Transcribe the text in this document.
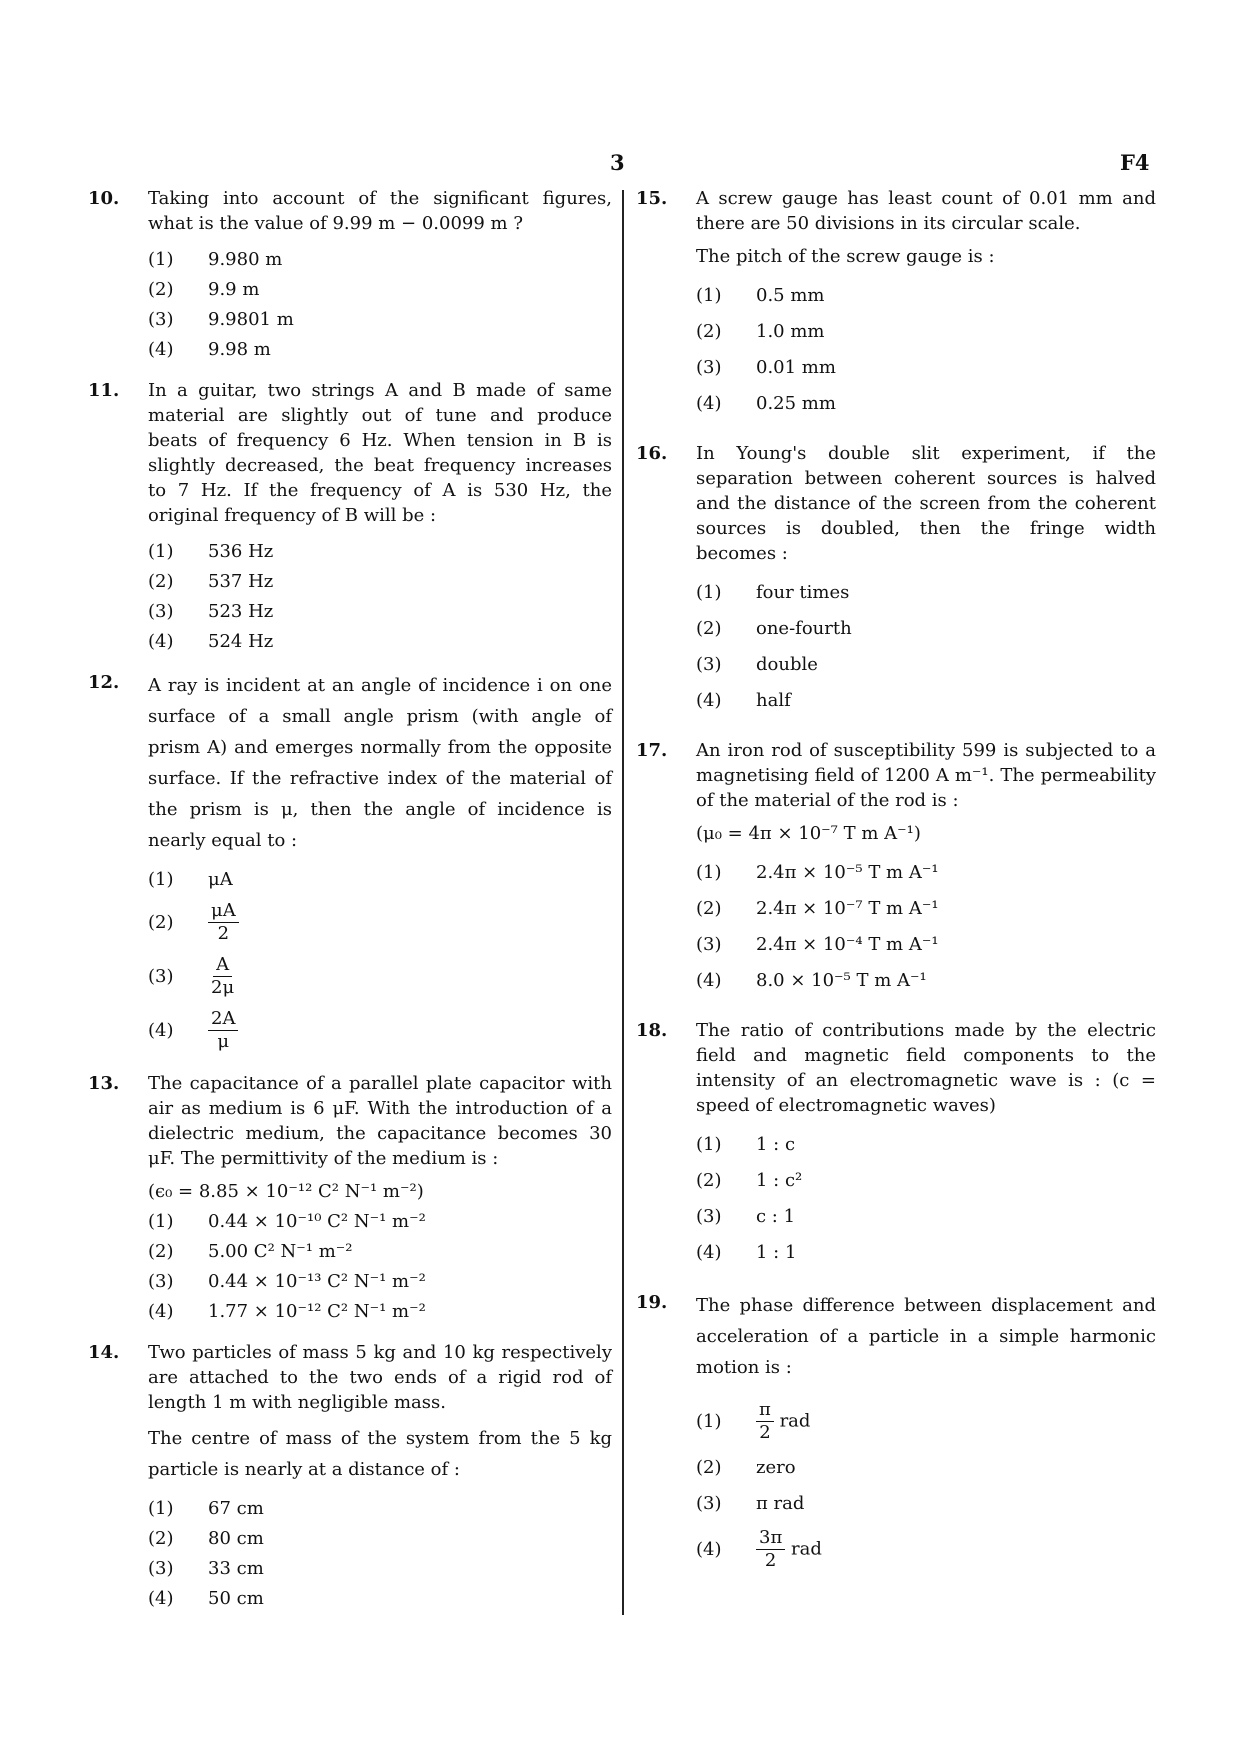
3	F4
10.	Taking into account of the significant figures, what is the value of 9.99 m − 0.0099 m ?

(1)	9.980 m
(2)	9.9 m
(3)	9.9801 m
(4)	9.98 m
11.	In a guitar, two strings A and B made of same material are slightly out of tune and produce beats of frequency 6 Hz. When tension in B is slightly decreased, the beat frequency increases to 7 Hz. If the frequency of A is 530 Hz, the original frequency of B will be :

(1)	536 Hz
(2)	537 Hz
(3)	523 Hz
(4)	524 Hz
12.	A ray is incident at an angle of incidence i on one surface of a small angle prism (with angle of prism A) and emerges normally from the opposite surface. If the refractive index of the material of the prism is μ, then the angle of incidence is nearly equal to :

(1)	μA
(2)	$\frac{\mu A}{2}$
(3)	$\frac{A}{2\mu}$
(4)	$\frac{2A}{\mu}$
13.	The capacitance of a parallel plate capacitor with air as medium is 6 μF. With the introduction of a dielectric medium, the capacitance becomes 30 μF. The permittivity of the medium is :

(ϵ₀ = 8.85 × 10⁻¹² C² N⁻¹ m⁻²)

(1)	0.44 × 10⁻¹⁰ C² N⁻¹ m⁻²
(2)	5.00 C² N⁻¹ m⁻²
(3)	0.44 × 10⁻¹³ C² N⁻¹ m⁻²
(4)	1.77 × 10⁻¹² C² N⁻¹ m⁻²
14.	Two particles of mass 5 kg and 10 kg respectively are attached to the two ends of a rigid rod of length 1 m with negligible mass.

The centre of mass of the system from the 5 kg particle is nearly at a distance of :

(1)	67 cm
(2)	80 cm
(3)	33 cm
(4)	50 cm
15.	A screw gauge has least count of 0.01 mm and there are 50 divisions in its circular scale.

The pitch of the screw gauge is :

(1)	0.5 mm
(2)	1.0 mm
(3)	0.01 mm
(4)	0.25 mm
16.	In Young's double slit experiment, if the separation between coherent sources is halved and the distance of the screen from the coherent sources is doubled, then the fringe width becomes :

(1)	four times
(2)	one-fourth
(3)	double
(4)	half
17.	An iron rod of susceptibility 599 is subjected to a magnetising field of 1200 A m⁻¹. The permeability of the material of the rod is :

(μ₀ = 4π × 10⁻⁷ T m A⁻¹)

(1)	2.4π × 10⁻⁵ T m A⁻¹
(2)	2.4π × 10⁻⁷ T m A⁻¹
(3)	2.4π × 10⁻⁴ T m A⁻¹
(4)	8.0 × 10⁻⁵ T m A⁻¹
18.	The ratio of contributions made by the electric field and magnetic field components to the intensity of an electromagnetic wave is : (c = speed of electromagnetic waves)

(1)	1 : c
(2)	1 : c²
(3)	c : 1
(4)	1 : 1
19.	The phase difference between displacement and acceleration of a particle in a simple harmonic motion is :

(1)	$\frac{\pi}{2}$ rad
(2)	zero
(3)	π rad
(4)	$\frac{3\pi}{2}$ rad
